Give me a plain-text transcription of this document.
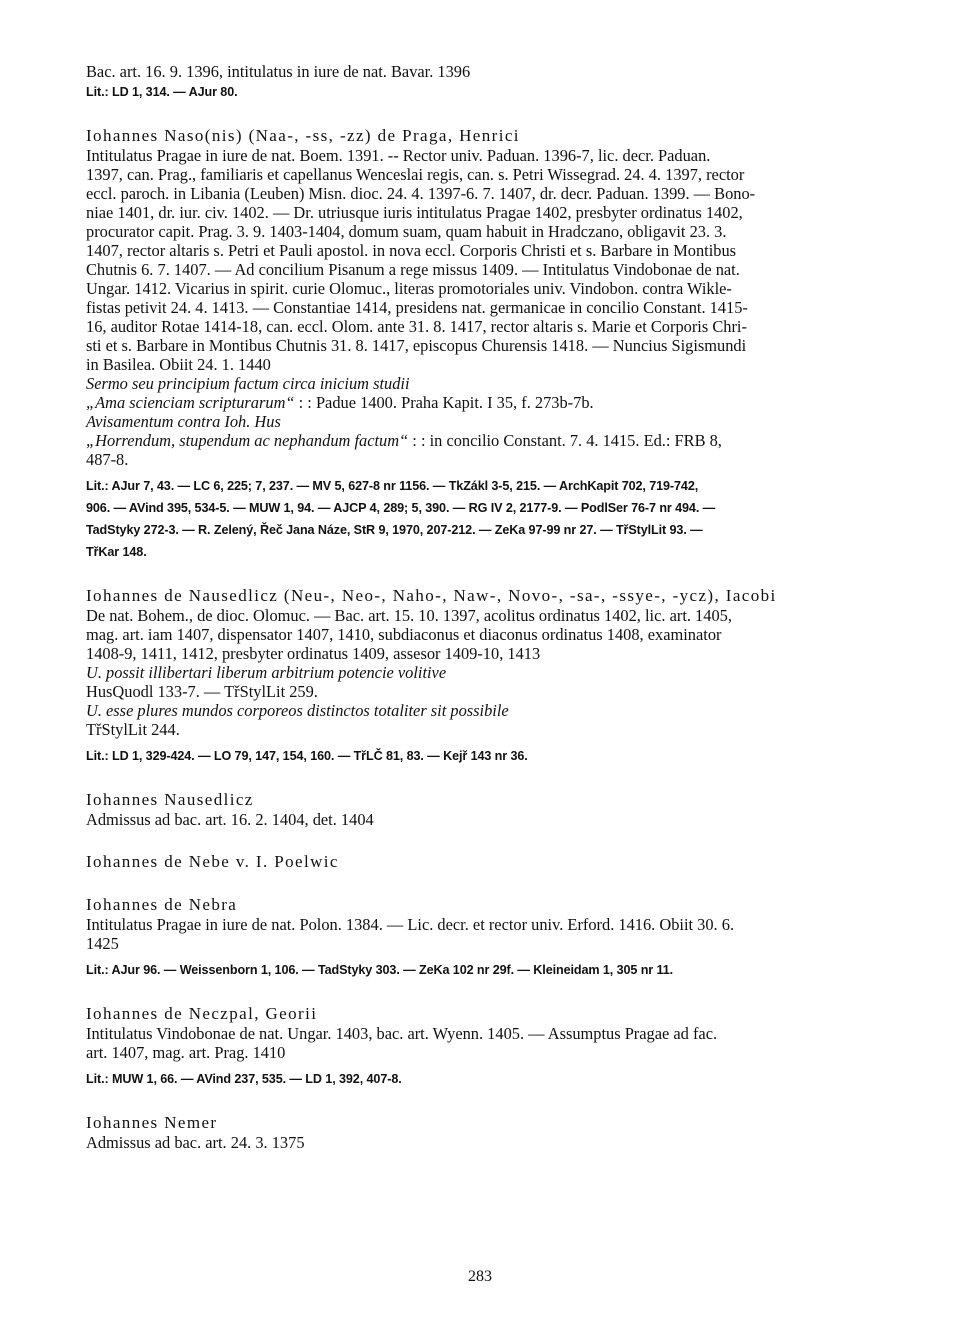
Bac. art. 16. 9. 1396, intitulatus in iure de nat. Bavar. 1396
Lit.: LD 1, 314. — AJur 80.
Iohannes Naso(nis) (Naa-, -ss, -zz) de Praga, Henrici
Intitulatus Pragae in iure de nat. Boem. 1391. -- Rector univ. Paduan. 1396-7, lic. decr. Paduan.
1397, can. Prag., familiaris et capellanus Wenceslai regis, can. s. Petri Wissegrad. 24. 4. 1397, rector
eccl. paroch. in Libania (Leuben) Misn. dioc. 24. 4. 1397-6. 7. 1407, dr. decr. Paduan. 1399. — Bono-
niae 1401, dr. iur. civ. 1402. — Dr. utriusque iuris intitulatus Pragae 1402, presbyter ordinatus 1402,
procurator capit. Prag. 3. 9. 1403-1404, domum suam, quam habuit in Hradczano, obligavit 23. 3.
1407, rector altaris s. Petri et Pauli apostol. in nova eccl. Corporis Christi et s. Barbare in Montibus
Chutnis 6. 7. 1407. — Ad concilium Pisanum a rege missus 1409. — Intitulatus Vindobonae de nat.
Ungar. 1412. Vicarius in spirit. curie Olomuc., literas promotoriales univ. Vindobon. contra Wikle-
fistas petivit 24. 4. 1413. — Constantiae 1414, presidens nat. germanicae in concilio Constant. 1415-
16, auditor Rotae 1414-18, can. eccl. Olom. ante 31. 8. 1417, rector altaris s. Marie et Corporis Chri-
sti et s. Barbare in Montibus Chutnis 31. 8. 1417, episcopus Churensis 1418. — Nuncius Sigismundi
in Basilea. Obiit 24. 1. 1440
Sermo seu principium factum circa inicium studii
„Ama scienciam scripturarum“ : : Padue 1400. Praha Kapit. I 35, f. 273b-7b.
Avisamentum contra Ioh. Hus
„Horrendum, stupendum ac nephandum factum“ : : in concilio Constant. 7. 4. 1415. Ed.: FRB 8,
487-8.
Lit.: AJur 7, 43. — LC 6, 225; 7, 237. — MV 5, 627-8 nr 1156. — TkZákl 3-5, 215. — ArchKapit 702, 719-742,
906. — AVind 395, 534-5. — MUW 1, 94. — AJCP 4, 289; 5, 390. — RG IV 2, 2177-9. — PodlSer 76-7 nr 494. —
TadStyky 272-3. — R. Zelený, Řeč Jana Náze, StR 9, 1970, 207-212. — ZeKa 97-99 nr 27. — TřStylLit 93. —
TřKar 148.
Iohannes de Nausedlicz (Neu-, Neo-, Naho-, Naw-, Novo-, -sa-, -ssye-, -ycz), Iacobi
De nat. Bohem., de dioc. Olomuc. — Bac. art. 15. 10. 1397, acolitus ordinatus 1402, lic. art. 1405,
mag. art. iam 1407, dispensator 1407, 1410, subdiaconus et diaconus ordinatus 1408, examinator
1408-9, 1411, 1412, presbyter ordinatus 1409, assesor 1409-10, 1413
U. possit illibertari liberum arbitrium potencie volitive
HusQuodl 133-7. — TřStylLit 259.
U. esse plures mundos corporeos distinctos totaliter sit possibile
TřStylLit 244.
Lit.: LD 1, 329-424. — LO 79, 147, 154, 160. — TřLČ 81, 83. — Kejř 143 nr 36.
Iohannes Nausedlicz
Admissus ad bac. art. 16. 2. 1404, det. 1404
Iohannes de Nebe v. I. Poelwic
Iohannes de Nebra
Intitulatus Pragae in iure de nat. Polon. 1384. — Lic. decr. et rector univ. Erford. 1416. Obiit 30. 6.
1425
Lit.: AJur 96. — Weissenborn 1, 106. — TadStyky 303. — ZeKa 102 nr 29f. — Kleineidam 1, 305 nr 11.
Iohannes de Neczpal, Georii
Intitulatus Vindobonae de nat. Ungar. 1403, bac. art. Wyenn. 1405. — Assumptus Pragae ad fac.
art. 1407, mag. art. Prag. 1410
Lit.: MUW 1, 66. — AVind 237, 535. — LD 1, 392, 407-8.
Iohannes Nemer
Admissus ad bac. art. 24. 3. 1375
283
